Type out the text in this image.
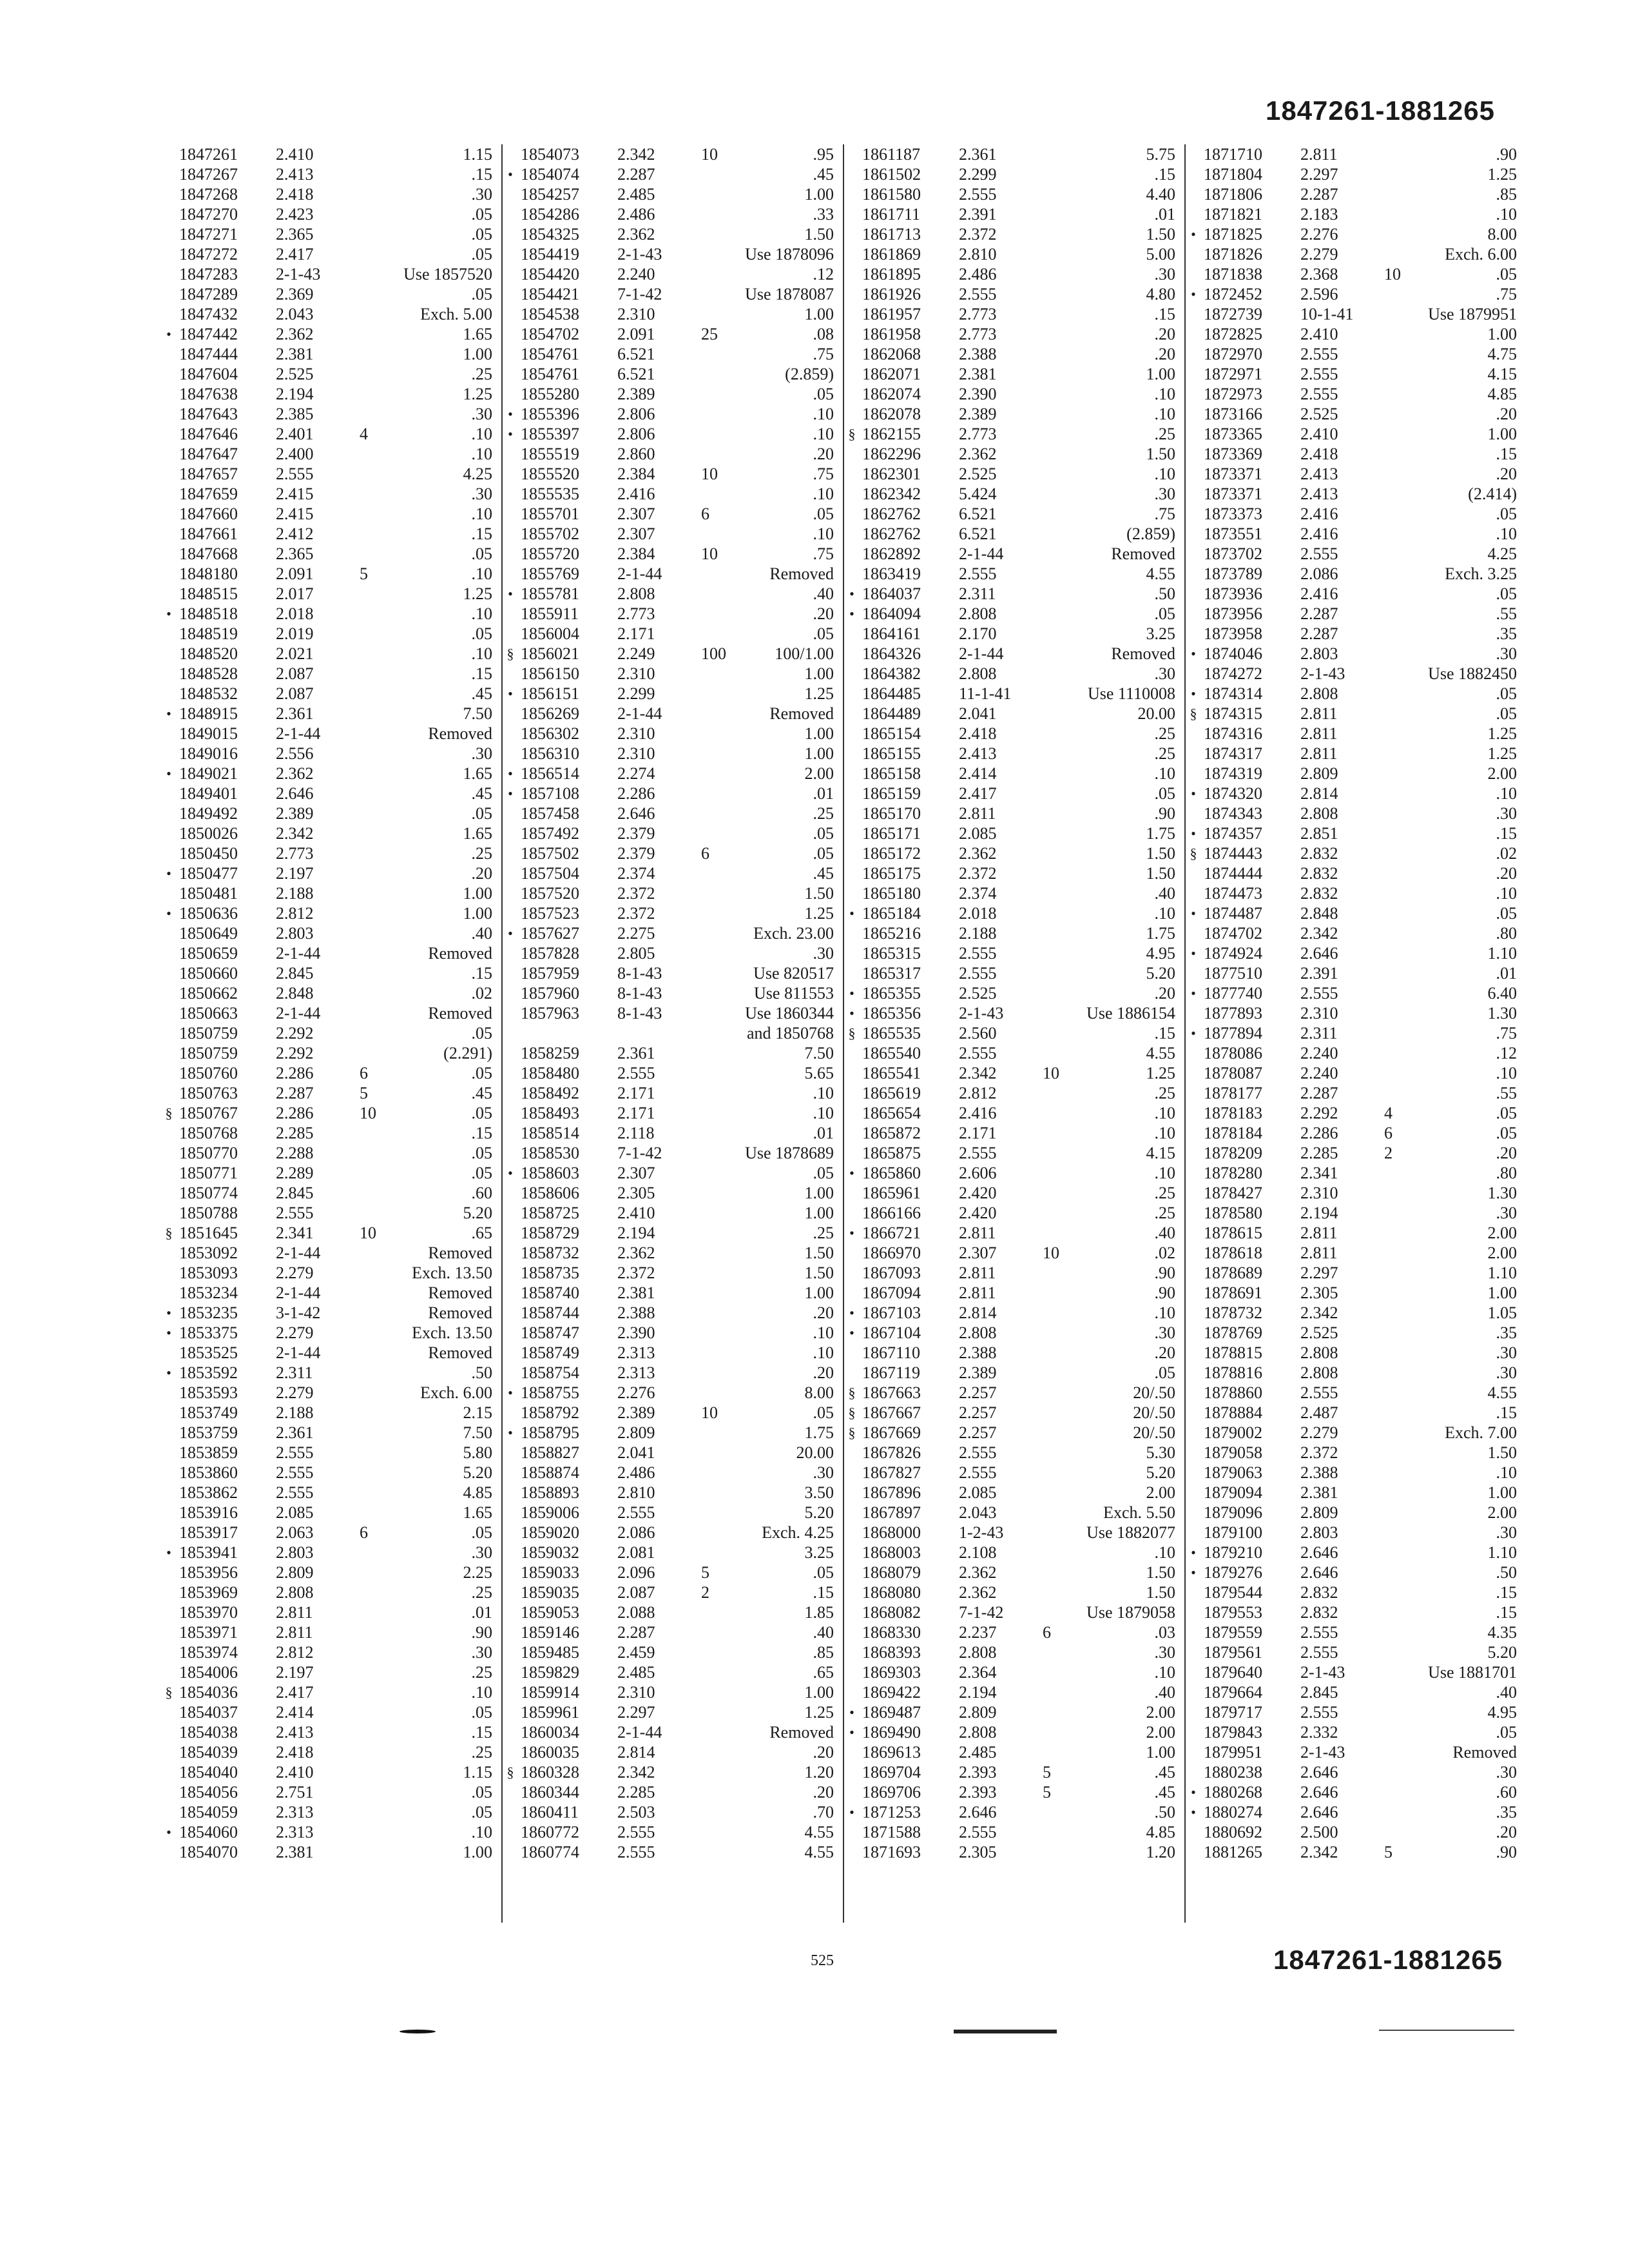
1847261-1881265
1847261 2.410	1.15
1847267 2.413	.15
1847268 2.418	.30
1847270 2.423	.05
1847271 2.365	.05
1847272 2.417	.05
1847283 2-1-43	Use 1857520
1847289 2.369	.05
1847432 2.043	Exch. 5.00
• 1847442 2.362	1.65
1847444 2.381	1.00
1847604 2.525	.25
1847638 2.194	1.25
1847643 2.385	.30
1847646 2.401	4	.10
1847647 2.400	.10
1847657 2.555	4.25
1847659 2.415	.30
1847660 2.415	.10
1847661 2.412	.15
1847668 2.365	.05
1848180 2.091	5	.10
1848515 2.017	1.25
• 1848518 2.018	.10
1848519 2.019	.05
1848520 2.021	.10
1848528 2.087	.15
1848532 2.087	.45
• 1848915 2.361	7.50
1849015 2-1-44	Removed
1849016 2.556	.30
• 1849021 2.362	1.65
1849401 2.646	.45
1849492 2.389	.05
1850026 2.342	1.65
1850450 2.773	.25
• 1850477 2.197	.20
1850481 2.188	1.00
• 1850636 2.812	1.00
1850649 2.803	.40
1850659 2-1-44	Removed
1850660 2.845	.15
1850662 2.848	.02
1850663 2-1-44	Removed
1850759 2.292	.05
1850759 2.292	(2.291)
1850760 2.286	6	.05
1850763 2.287	5	.45
§ 1850767 2.286	10	.05
1850768 2.285	.15
1850770 2.288	.05
1850771 2.289	.05
1850774 2.845	.60
1850788 2.555	5.20
§ 1851645 2.341	10	.65
1853092 2-1-44	Removed
1853093 2.279	Exch. 13.50
1853234 2-1-44	Removed
• 1853235 3-1-42	Removed
• 1853375 2.279	Exch. 13.50
1853525 2-1-44	Removed
• 1853592 2.311	.50
1853593 2.279	Exch. 6.00
1853749 2.188	2.15
1853759 2.361	7.50
1853859 2.555	5.80
1853860 2.555	5.20
1853862 2.555	4.85
1853916 2.085	1.65
1853917 2.063	6	.05
• 1853941 2.803	.30
1853956 2.809	2.25
1853969 2.808	.25
1853970 2.811	.01
1853971 2.811	.90
1853974 2.812	.30
1854006 2.197	.25
§ 1854036 2.417	.10
1854037 2.414	.05
1854038 2.413	.15
1854039 2.418	.25
1854040 2.410	1.15
1854056 2.751	.05
1854059 2.313	.05
• 1854060 2.313	.10
1854070 2.381	1.00
1854073 2.342	10	.95
• 1854074 2.287	.45
1854257 2.485	1.00
1854286 2.486	.33
1854325 2.362	1.50
1854419 2-1-43	Use 1878096
1854420 2.240	.12
1854421 7-1-42	Use 1878087
1854538 2.310	1.00
1854702 2.091	25	.08
1854761 6.521	.75
1854761 6.521	(2.859)
1855280 2.389	.05
• 1855396 2.806	.10
• 1855397 2.806	.10
1855519 2.860	.20
1855520 2.384	10	.75
1855535 2.416	.10
1855701 2.307	6	.05
1855702 2.307	.10
1855720 2.384	10	.75
1855769 2-1-44	Removed
• 1855781 2.808	.40
1855911 2.773	.20
1856004 2.171	.05
§ 1856021 2.249	100	100/1.00
1856150 2.310	1.00
• 1856151 2.299	1.25
1856269 2-1-44	Removed
1856302 2.310	1.00
1856310 2.310	1.00
• 1856514 2.274	2.00
• 1857108 2.286	.01
1857458 2.646	.25
1857492 2.379	.05
1857502 2.379	6	.05
1857504 2.374	.45
1857520 2.372	1.50
1857523 2.372	1.25
• 1857627 2.275	Exch. 23.00
1857828 2.805	.30
1857959 8-1-43	Use 820517
1857960 8-1-43	Use 811553
1857963 8-1-43	Use 1860344
and 1850768
1858259 2.361	7.50
1858480 2.555	5.65
1858492 2.171	.10
1858493 2.171	.10
1858514 2.118	.01
1858530 7-1-42	Use 1878689
• 1858603 2.307	.05
1858606 2.305	1.00
1858725 2.410	1.00
1858729 2.194	.25
1858732 2.362	1.50
1858735 2.372	1.50
1858740 2.381	1.00
1858744 2.388	.20
1858747 2.390	.10
1858749 2.313	.10
1858754 2.313	.20
• 1858755 2.276	8.00
1858792 2.389	10	.05
• 1858795 2.809	1.75
1858827 2.041	20.00
1858874 2.486	.30
1858893 2.810	3.50
1859006 2.555	5.20
1859020 2.086	Exch. 4.25
1859032 2.081	3.25
1859033 2.096	5	.05
1859035 2.087	2	.15
1859053 2.088	1.85
1859146 2.287	.40
1859485 2.459	.85
1859829 2.485	.65
1859914 2.310	1.00
1859961 2.297	1.25
1860034 2-1-44	Removed
1860035 2.814	.20
§ 1860328 2.342	1.20
1860344 2.285	.20
1860411 2.503	.70
1860772 2.555	4.55
1860774 2.555	4.55
1861187 2.361	5.75
1861502 2.299	.15
1861580 2.555	4.40
1861711 2.391	.01
1861713 2.372	1.50
1861869 2.810	5.00
1861895 2.486	.30
1861926 2.555	4.80
1861957 2.773	.15
1861958 2.773	.20
1862068 2.388	.20
1862071 2.381	1.00
1862074 2.390	.10
1862078 2.389	.10
§ 1862155 2.773	.25
1862296 2.362	1.50
1862301 2.525	.10
1862342 5.424	.30
1862762 6.521	.75
1862762 6.521	(2.859)
1862892 2-1-44	Removed
1863419 2.555	4.55
• 1864037 2.311	.50
• 1864094 2.808	.05
1864161 2.170	3.25
1864326 2-1-44	Removed
1864382 2.808	.30
1864485 11-1-41	Use 1110008
1864489 2.041	20.00
1865154 2.418	.25
1865155 2.413	.25
1865158 2.414	.10
1865159 2.417	.05
1865170 2.811	.90
1865171 2.085	1.75
1865172 2.362	1.50
1865175 2.372	1.50
1865180 2.374	.40
• 1865184 2.018	.10
1865216 2.188	1.75
1865315 2.555	4.95
1865317 2.555	5.20
• 1865355 2.525	.20
• 1865356 2-1-43	Use 1886154
§ 1865535 2.560	.15
1865540 2.555	4.55
1865541 2.342	10	1.25
1865619 2.812	.25
1865654 2.416	.10
1865872 2.171	.10
1865875 2.555	4.15
• 1865860 2.606	.10
1865961 2.420	.25
1866166 2.420	.25
• 1866721 2.811	.40
1866970 2.307	10	.02
1867093 2.811	.90
1867094 2.811	.90
• 1867103 2.814	.10
• 1867104 2.808	.30
1867110 2.388	.20
1867119 2.389	.05
§ 1867663 2.257	20/.50
§ 1867667 2.257	20/.50
§ 1867669 2.257	20/.50
1867826 2.555	5.30
1867827 2.555	5.20
1867896 2.085	2.00
1867897 2.043	Exch. 5.50
1868000 1-2-43	Use 1882077
1868003 2.108	.10
1868079 2.362	1.50
1868080 2.362	1.50
1868082 7-1-42	Use 1879058
1868330 2.237	6	.03
1868393 2.808	.30
1869303 2.364	.10
1869422 2.194	.40
• 1869487 2.809	2.00
• 1869490 2.808	2.00
1869613 2.485	1.00
1869704 2.393	5	.45
1869706 2.393	5	.45
• 1871253 2.646	.50
1871588 2.555	4.85
1871693 2.305	1.20
1871710 2.811	.90
1871804 2.297	1.25
1871806 2.287	.85
1871821 2.183	.10
• 1871825 2.276	8.00
1871826 2.279	Exch. 6.00
1871838 2.368	10	.05
• 1872452 2.596	.75
1872739 10-1-41	Use 1879951
1872825 2.410	1.00
1872970 2.555	4.75
1872971 2.555	4.15
1872973 2.555	4.85
1873166 2.525	.20
1873365 2.410	1.00
1873369 2.418	.15
1873371 2.413	.20
1873371 2.413	(2.414)
1873373 2.416	.05
1873551 2.416	.10
1873702 2.555	4.25
1873789 2.086	Exch. 3.25
1873936 2.416	.05
1873956 2.287	.55
1873958 2.287	.35
• 1874046 2.803	.30
1874272 2-1-43	Use 1882450
• 1874314 2.808	.05
§ 1874315 2.811	.05
1874316 2.811	1.25
1874317 2.811	1.25
1874319 2.809	2.00
• 1874320 2.814	.10
1874343 2.808	.30
• 1874357 2.851	.15
§ 1874443 2.832	.02
1874444 2.832	.20
1874473 2.832	.10
• 1874487 2.848	.05
1874702 2.342	.80
• 1874924 2.646	1.10
1877510 2.391	.01
• 1877740 2.555	6.40
1877893 2.310	1.30
• 1877894 2.311	.75
1878086 2.240	.12
1878087 2.240	.10
1878177 2.287	.55
1878183 2.292	4	.05
1878184 2.286	6	.05
1878209 2.285	2	.20
1878280 2.341	.80
1878427 2.310	1.30
1878580 2.194	.30
1878615 2.811	2.00
1878618 2.811	2.00
1878689 2.297	1.10
1878691 2.305	1.00
1878732 2.342	1.05
1878769 2.525	.35
1878815 2.808	.30
1878816 2.808	.30
1878860 2.555	4.55
1878884 2.487	.15
1879002 2.279	Exch. 7.00
1879058 2.372	1.50
1879063 2.388	.10
1879094 2.381	1.00
1879096 2.809	2.00
1879100 2.803	.30
• 1879210 2.646	1.10
• 1879276 2.646	.50
1879544 2.832	.15
1879553 2.832	.15
1879559 2.555	4.35
1879561 2.555	5.20
1879640 2-1-43	Use 1881701
1879664 2.845	.40
1879717 2.555	4.95
1879843 2.332	.05
1879951 2-1-43	Removed
1880238 2.646	.30
• 1880268 2.646	.60
• 1880274 2.646	.35
1880692 2.500	.20
1881265 2.342	5	.90
525	1847261-1881265
